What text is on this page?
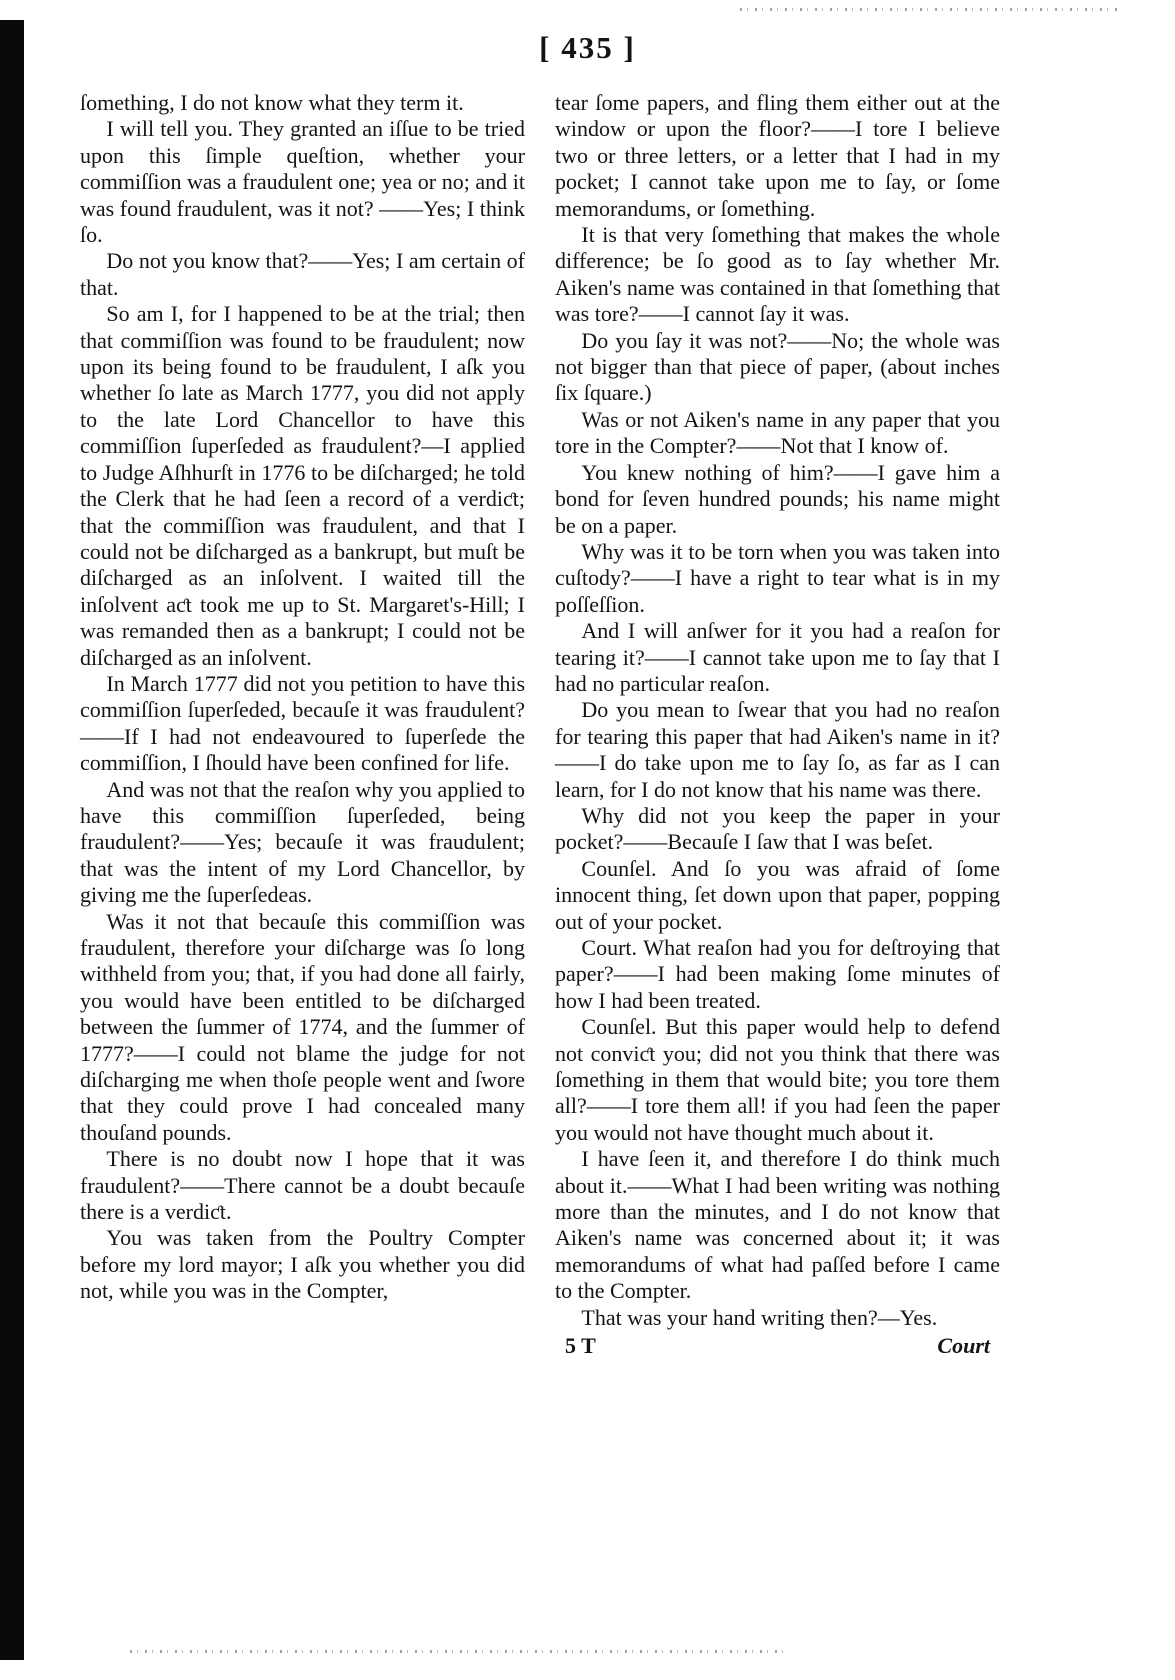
[ 435 ]

ſomething, I do not know what they term it.

I will tell you. They granted an iſſue to be tried upon this ſimple queſtion, whether your commiſſion was a fraudulent one; yea or no; and it was found fraudulent, was it not? ——Yes; I think ſo.

Do not you know that?——Yes; I am certain of that.

So am I, for I happened to be at the trial; then that commiſſion was found to be fraudulent; now upon its being found to be fraudulent, I aſk you whether ſo late as March 1777, you did not apply to the late Lord Chancellor to have this commiſſion ſuperſeded as fraudulent?—I applied to Judge Aſhhurſt in 1776 to be diſcharged; he told the Clerk that he had ſeen a record of a verdiƈt; that the commiſſion was fraudulent, and that I could not be diſcharged as a bankrupt, but muſt be diſcharged as an inſolvent. I waited till the inſolvent aƈt took me up to St. Margaret's-Hill; I was remanded then as a bankrupt; I could not be diſcharged as an inſolvent.

In March 1777 did not you petition to have this commiſſion ſuperſeded, becauſe it was fraudulent?——If I had not endeavoured to ſuperſede the commiſſion, I ſhould have been confined for life.

And was not that the reaſon why you applied to have this commiſſion ſuperſeded, being fraudulent?——Yes; becauſe it was fraudulent; that was the intent of my Lord Chancellor, by giving me the ſuperſedeas.

Was it not that becauſe this commiſſion was fraudulent, therefore your diſcharge was ſo long withheld from you; that, if you had done all fairly, you would have been entitled to be diſcharged between the ſummer of 1774, and the ſummer of 1777?——I could not blame the judge for not diſcharging me when thoſe people went and ſwore that they could prove I had concealed many thouſand pounds.

There is no doubt now I hope that it was fraudulent?——There cannot be a doubt becauſe there is a verdiƈt.

You was taken from the Poultry Compter before my lord mayor; I aſk you whether you did not, while you was in the Compter,

tear ſome papers, and fling them either out at the window or upon the floor?——I tore I believe two or three letters, or a letter that I had in my pocket; I cannot take upon me to ſay, or ſome memorandums, or ſomething.

It is that very ſomething that makes the whole difference; be ſo good as to ſay whether Mr. Aiken's name was contained in that ſomething that was tore?——I cannot ſay it was.

Do you ſay it was not?——No; the whole was not bigger than that piece of paper, (about inches ſix ſquare.)

Was or not Aiken's name in any paper that you tore in the Compter?——Not that I know of.

You knew nothing of him?——I gave him a bond for ſeven hundred pounds; his name might be on a paper.

Why was it to be torn when you was taken into cuſtody?——I have a right to tear what is in my poſſeſſion.

And I will anſwer for it you had a reaſon for tearing it?——I cannot take upon me to ſay that I had no particular reaſon.

Do you mean to ſwear that you had no reaſon for tearing this paper that had Aiken's name in it?——I do take upon me to ſay ſo, as far as I can learn, for I do not know that his name was there.

Why did not you keep the paper in your pocket?——Becauſe I ſaw that I was beſet.

Counſel. And ſo you was afraid of ſome innocent thing, ſet down upon that paper, popping out of your pocket.

Court. What reaſon had you for deſtroying that paper?——I had been making ſome minutes of how I had been treated.

Counſel. But this paper would help to defend not conviƈt you; did not you think that there was ſomething in them that would bite; you tore them all?——I tore them all! if you had ſeen the paper you would not have thought much about it.

I have ſeen it, and therefore I do think much about it.——What I had been writing was nothing more than the minutes, and I do not know that Aiken's name was concerned about it; it was memorandums of what had paſſed before I came to the Compter.

That was your hand writing then?—Yes.

5 T	Court
